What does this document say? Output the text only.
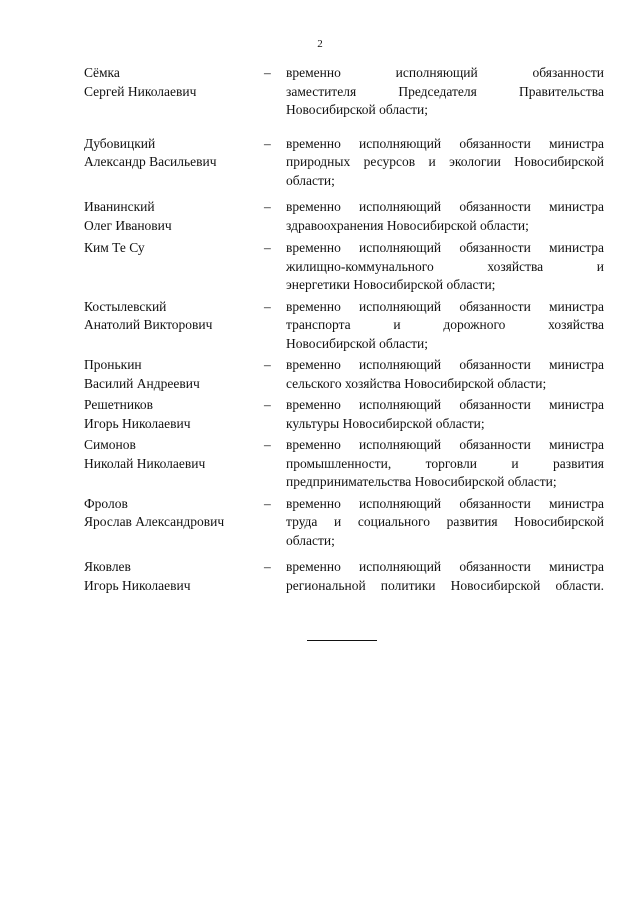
2
Сёмка
Сергей Николаевич
– временно исполняющий обязанности
заместителя Председателя Правительства
Новосибирской области;
Дубовицкий
Александр Васильевич
– временно исполняющий обязанности министра
природных ресурсов и экологии Новосибирской
области;
Иванинский
Олег Иванович
– временно исполняющий обязанности министра
здравоохранения Новосибирской области;
Ким Те Су	– временно исполняющий обязанности министра
жилищно-коммунального хозяйства и
энергетики Новосибирской области;
Костылевский
Анатолий Викторович
– временно исполняющий обязанности министра
транспорта и дорожного хозяйства
Новосибирской области;
Пронькин
Василий Андреевич
– временно исполняющий обязанности министра
сельского хозяйства Новосибирской области;
Решетников
Игорь Николаевич
– временно исполняющий обязанности министра
культуры Новосибирской области;
Симонов
Николай Николаевич
– временно исполняющий обязанности министра
промышленности, торговли и развития
предпринимательства Новосибирской области;
Фролов
Ярослав Александрович
– временно исполняющий обязанности министра
труда и социального развития Новосибирской
области;
Яковлев
Игорь Николаевич
– временно исполняющий обязанности министра
региональной политики Новосибирской области.
